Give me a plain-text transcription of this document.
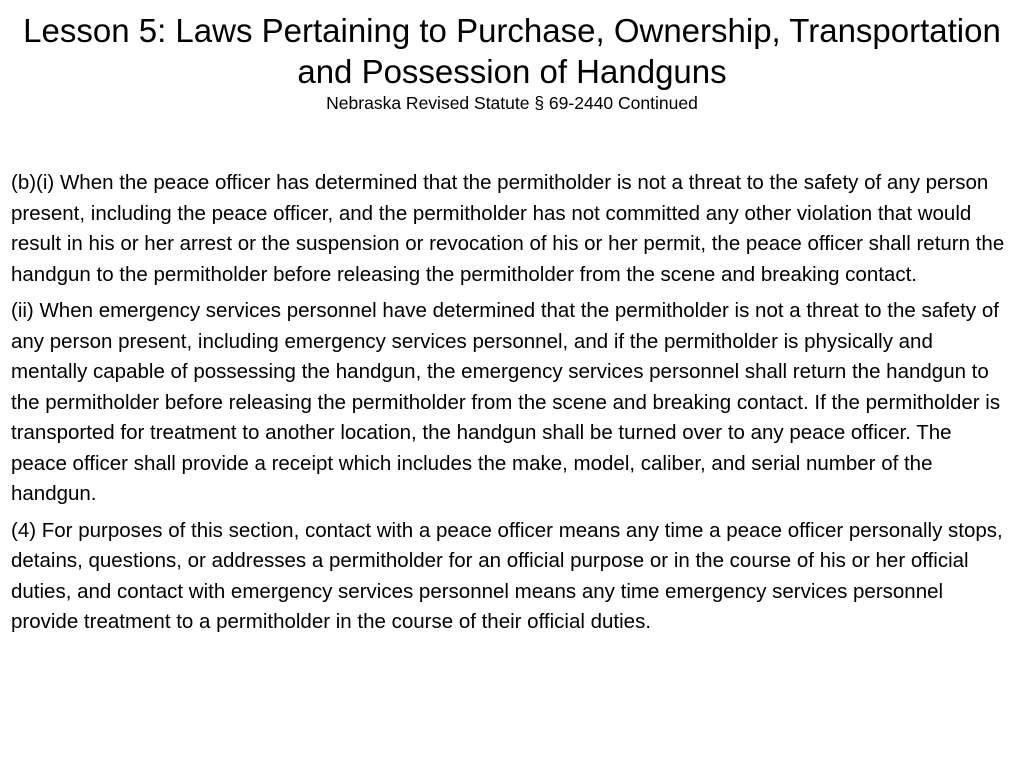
Lesson 5: Laws Pertaining to Purchase, Ownership, Transportation and Possession of Handguns

Nebraska Revised Statute § 69-2440 Continued

(b)(i) When the peace officer has determined that the permitholder is not a threat to the safety of any person present, including the peace officer, and the permitholder has not committed any other violation that would result in his or her arrest or the suspension or revocation of his or her permit, the peace officer shall return the handgun to the permitholder before releasing the permitholder from the scene and breaking contact.

(ii) When emergency services personnel have determined that the permitholder is not a threat to the safety of any person present, including emergency services personnel, and if the permitholder is physically and mentally capable of possessing the handgun, the emergency services personnel shall return the handgun to the permitholder before releasing the permitholder from the scene and breaking contact. If the permitholder is transported for treatment to another location, the handgun shall be turned over to any peace officer. The peace officer shall provide a receipt which includes the make, model, caliber, and serial number of the handgun.

(4) For purposes of this section, contact with a peace officer means any time a peace officer personally stops, detains, questions, or addresses a permitholder for an official purpose or in the course of his or her official duties, and contact with emergency services personnel means any time emergency services personnel provide treatment to a permitholder in the course of their official duties.
